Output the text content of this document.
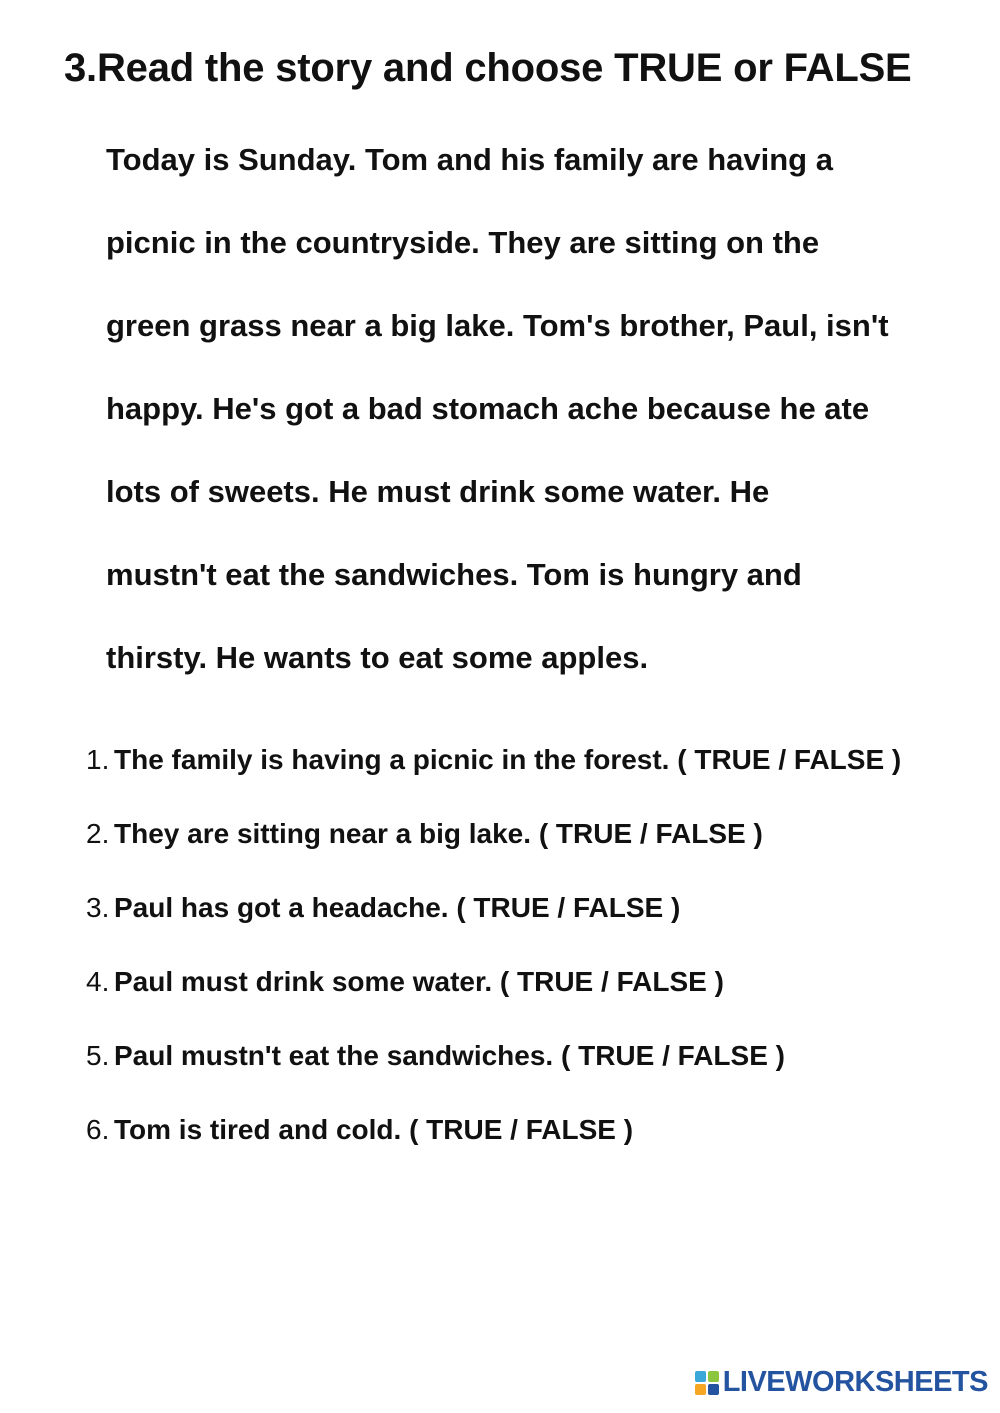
3.Read the story and choose TRUE or FALSE
Today is Sunday. Tom and his family are having a
picnic in the countryside. They are sitting on the
green grass near a big lake. Tom's brother, Paul, isn't
happy. He's got a bad stomach ache because he ate
lots of sweets. He must drink some water. He
mustn't eat the sandwiches. Tom is hungry and
thirsty. He wants to eat some apples.
1. The family is having a picnic in the forest. ( TRUE / FALSE )
2. They are sitting near a big lake. ( TRUE / FALSE )
3. Paul has got a headache. ( TRUE / FALSE )
4. Paul must drink some water. ( TRUE / FALSE )
5. Paul mustn't eat the sandwiches. ( TRUE / FALSE )
6. Tom is tired and cold. ( TRUE / FALSE )
LIVEWORKSHEETS
